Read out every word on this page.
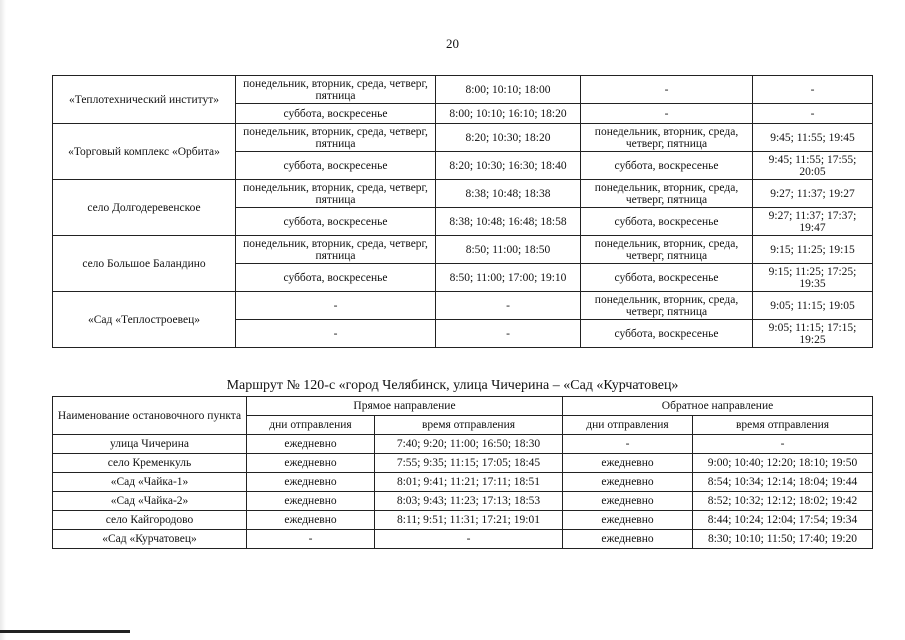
20
«Теплотехнический институт»	понедельник, вторник, среда, четверг, пятница	8:00; 10:10; 18:00	-	-
	суббота, воскресенье	8:00; 10:10; 16:10; 18:20	-	-
«Торговый комплекс «Орбита»	понедельник, вторник, среда, четверг, пятница	8:20; 10:30; 18:20	понедельник, вторник, среда, четверг, пятница	9:45; 11:55; 19:45
	суббота, воскресенье	8:20; 10:30; 16:30; 18:40	суббота, воскресенье	9:45; 11:55; 17:55; 20:05
село Долгодеревенское	понедельник, вторник, среда, четверг, пятница	8:38; 10:48; 18:38	понедельник, вторник, среда, четверг, пятница	9:27; 11:37; 19:27
	суббота, воскресенье	8:38; 10:48; 16:48; 18:58	суббота, воскресенье	9:27; 11:37; 17:37; 19:47
село Большое Баландино	понедельник, вторник, среда, четверг, пятница	8:50; 11:00; 18:50	понедельник, вторник, среда, четверг, пятница	9:15; 11:25; 19:15
	суббота, воскресенье	8:50; 11:00; 17:00; 19:10	суббота, воскресенье	9:15; 11:25; 17:25; 19:35
«Сад «Теплостроевец»	-	-	понедельник, вторник, среда, четверг, пятница	9:05; 11:15; 19:05
	-	-	суббота, воскресенье	9:05; 11:15; 17:15; 19:25
Маршрут № 120-с «город Челябинск, улица Чичерина – «Сад «Курчатовец»
Наименование остановочного пункта	Прямое направление		Обратное направление	
	дни отправления	время отправления	дни отправления	время отправления
улица Чичерина	ежедневно	7:40; 9:20; 11:00; 16:50; 18:30	-	-
село Кременкуль	ежедневно	7:55; 9:35; 11:15; 17:05; 18:45	ежедневно	9:00; 10:40; 12:20; 18:10; 19:50
«Сад «Чайка-1»	ежедневно	8:01; 9:41; 11:21; 17:11; 18:51	ежедневно	8:54; 10:34; 12:14; 18:04; 19:44
«Сад «Чайка-2»	ежедневно	8:03; 9:43; 11:23; 17:13; 18:53	ежедневно	8:52; 10:32; 12:12; 18:02; 19:42
село Кайгородово	ежедневно	8:11; 9:51; 11:31; 17:21; 19:01	ежедневно	8:44; 10:24; 12:04; 17:54; 19:34
«Сад «Курчатовец»	-	-	ежедневно	8:30; 10:10; 11:50; 17:40; 19:20
